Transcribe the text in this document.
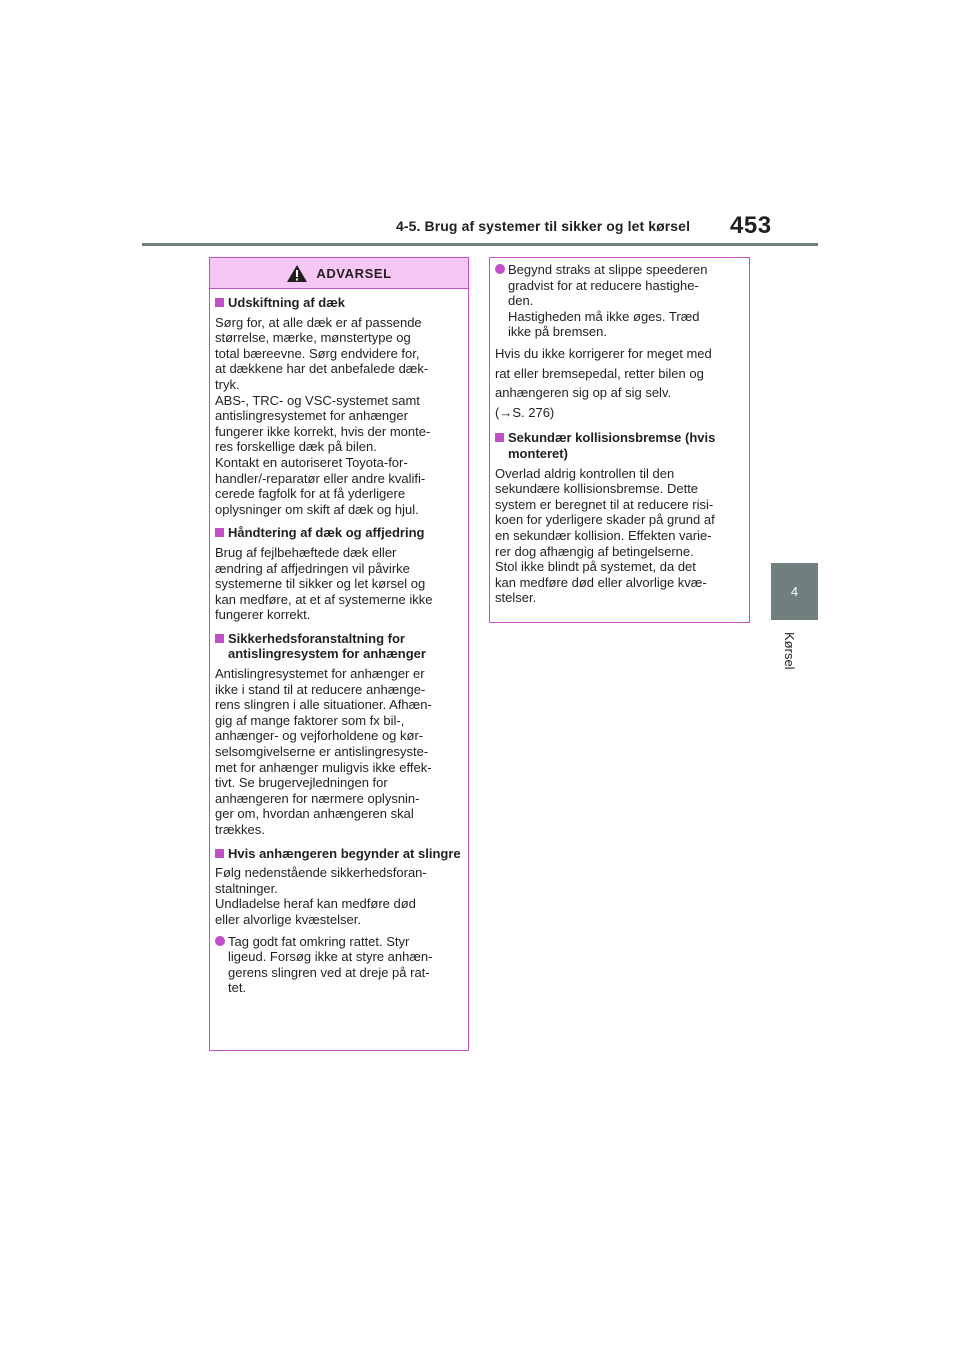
4-5. Brug af systemer til sikker og let kørsel 453
4
Kørsel
ADVARSEL
Udskiftning af dæk
Sørg for, at alle dæk er af passende
størrelse, mærke, mønstertype og
total bæreevne. Sørg endvidere for,
at dækkene har det anbefalede dæk-
tryk.
ABS-, TRC- og VSC-systemet samt
antislingresystemet for anhænger
fungerer ikke korrekt, hvis der monte-
res forskellige dæk på bilen.
Kontakt en autoriseret Toyota-for-
handler/-reparatør eller andre kvalifi-
cerede fagfolk for at få yderligere
oplysninger om skift af dæk og hjul.
Håndtering af dæk og affjedring
Brug af fejlbehæftede dæk eller
ændring af affjedringen vil påvirke
systemerne til sikker og let kørsel og
kan medføre, at et af systemerne ikke
fungerer korrekt.
Sikkerhedsforanstaltning for antislingresystem for anhænger
Antislingresystemet for anhænger er
ikke i stand til at reducere anhænge-
rens slingren i alle situationer. Afhæn-
gig af mange faktorer som fx bil-,
anhænger- og vejforholdene og kør-
selsomgivelserne er antislingresyste-
met for anhænger muligvis ikke effek-
tivt. Se brugervejledningen for
anhængeren for nærmere oplysnin-
ger om, hvordan anhængeren skal
trækkes.
Hvis anhængeren begynder at slingre
Følg nedenstående sikkerhedsforan-
staltninger.
Undladelse heraf kan medføre død
eller alvorlige kvæstelser.
Tag godt fat omkring rattet. Styr
ligeud. Forsøg ikke at styre anhæn-
gerens slingren ved at dreje på rat-
tet.
Begynd straks at slippe speederen
gradvist for at reducere hastighe-
den.
Hastigheden må ikke øges. Træd
ikke på bremsen.
Hvis du ikke korrigerer for meget med
rat eller bremsepedal, retter bilen og
anhængeren sig op af sig selv.
(→S. 276)
Sekundær kollisionsbremse (hvis monteret)
Overlad aldrig kontrollen til den
sekundære kollisionsbremse. Dette
system er beregnet til at reducere risi-
koen for yderligere skader på grund af
en sekundær kollision. Effekten varie-
rer dog afhængig af betingelserne.
Stol ikke blindt på systemet, da det
kan medføre død eller alvorlige kvæ-
stelser.
